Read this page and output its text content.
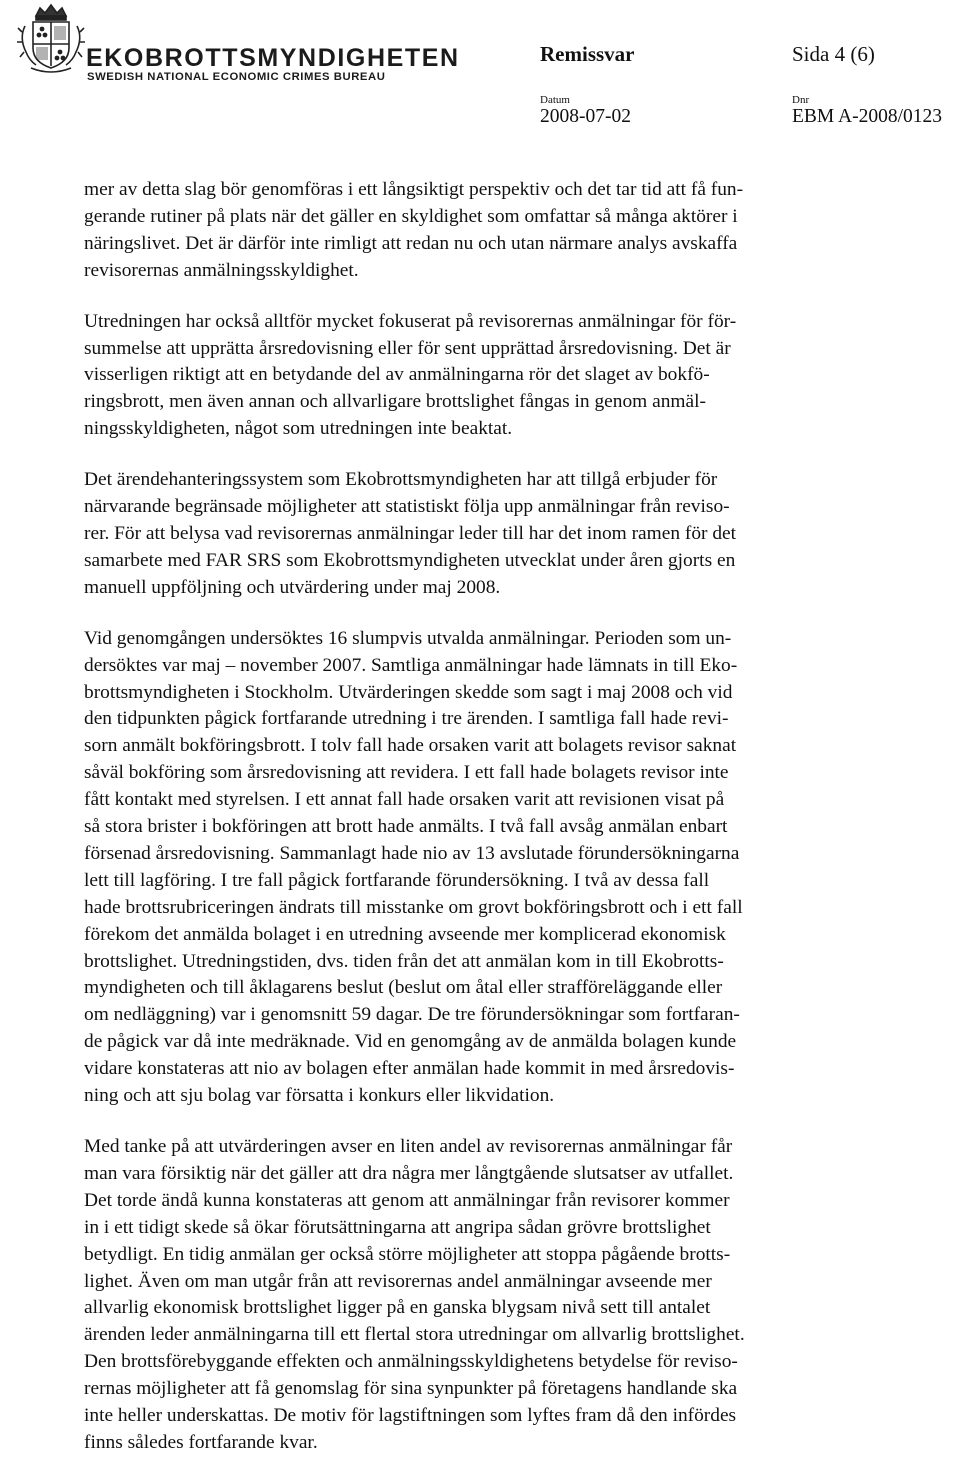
EKOBROTTSMYNDIGHETEN
SWEDISH NATIONAL ECONOMIC CRIMES BUREAU
Remissvar	Sida 4 (6)
Datum
2008-07-02
Dnr
EBM A-2008/0123

mer av detta slag bör genomföras i ett långsiktigt perspektiv och det tar tid att få fun-
gerande rutiner på plats när det gäller en skyldighet som omfattar så många aktörer i
näringslivet. Det är därför inte rimligt att redan nu och utan närmare analys avskaffa
revisorernas anmälningsskyldighet.

Utredningen har också alltför mycket fokuserat på revisorernas anmälningar för för-
summelse att upprätta årsredovisning eller för sent upprättad årsredovisning. Det är
visserligen riktigt att en betydande del av anmälningarna rör det slaget av bokfö-
ringsbrott, men även annan och allvarligare brottslighet fångas in genom anmäl-
ningsskyldigheten, något som utredningen inte beaktat.

Det ärendehanteringssystem som Ekobrottsmyndigheten har att tillgå erbjuder för
närvarande begränsade möjligheter att statistiskt följa upp anmälningar från reviso-
rer. För att belysa vad revisorernas anmälningar leder till har det inom ramen för det
samarbete med FAR SRS som Ekobrottsmyndigheten utvecklat under åren gjorts en
manuell uppföljning och utvärdering under maj 2008.

Vid genomgången undersöktes 16 slumpvis utvalda anmälningar. Perioden som un-
dersöktes var maj – november 2007. Samtliga anmälningar hade lämnats in till Eko-
brottsmyndigheten i Stockholm. Utvärderingen skedde som sagt i maj 2008 och vid
den tidpunkten pågick fortfarande utredning i tre ärenden. I samtliga fall hade revi-
sorn anmält bokföringsbrott. I tolv fall hade orsaken varit att bolagets revisor saknat
såväl bokföring som årsredovisning att revidera. I ett fall hade bolagets revisor inte
fått kontakt med styrelsen. I ett annat fall hade orsaken varit att revisionen visat på
så stora brister i bokföringen att brott hade anmälts. I två fall avsåg anmälan enbart
försenad årsredovisning. Sammanlagt hade nio av 13 avslutade förundersökningarna
lett till lagföring. I tre fall pågick fortfarande förundersökning. I två av dessa fall
hade brottsrubriceringen ändrats till misstanke om grovt bokföringsbrott och i ett fall
förekom det anmälda bolaget i en utredning avseende mer komplicerad ekonomisk
brottslighet. Utredningstiden, dvs. tiden från det att anmälan kom in till Ekobrotts-
myndigheten och till åklagarens beslut (beslut om åtal eller strafföreläggande eller
om nedläggning) var i genomsnitt 59 dagar. De tre förundersökningar som fortfaran-
de pågick var då inte medräknade. Vid en genomgång av de anmälda bolagen kunde
vidare konstateras att nio av bolagen efter anmälan hade kommit in med årsredovis-
ning och att sju bolag var försatta i konkurs eller likvidation.

Med tanke på att utvärderingen avser en liten andel av revisorernas anmälningar får
man vara försiktig när det gäller att dra några mer långtgående slutsatser av utfallet.
Det torde ändå kunna konstateras att genom att anmälningar från revisorer kommer
in i ett tidigt skede så ökar förutsättningarna att angripa sådan grövre brottslighet
betydligt. En tidig anmälan ger också större möjligheter att stoppa pågående brotts-
lighet. Även om man utgår från att revisorernas andel anmälningar avseende mer
allvarlig ekonomisk brottslighet ligger på en ganska blygsam nivå sett till antalet
ärenden leder anmälningarna till ett flertal stora utredningar om allvarlig brottslighet.
Den brottsförebyggande effekten och anmälningsskyldighetens betydelse för reviso-
rernas möjligheter att få genomslag för sina synpunkter på företagens handlande ska
inte heller underskattas. De motiv för lagstiftningen som lyftes fram då den infördes
finns således fortfarande kvar.
